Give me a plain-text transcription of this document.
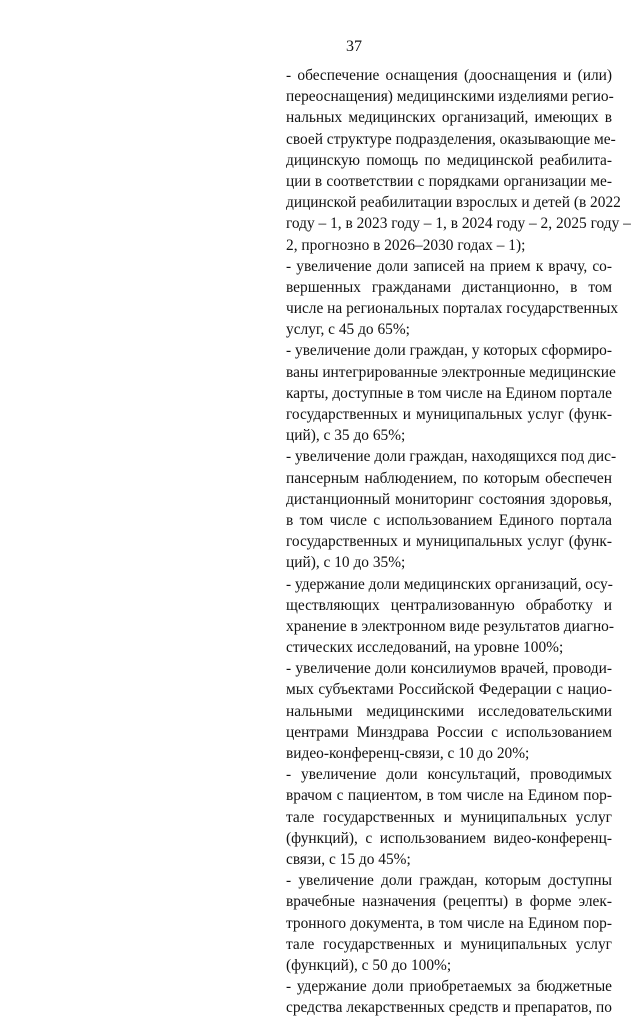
37
- обеспечение оснащения (дооснащения и (или)
переоснащения) медицинскими изделиями регио-
нальных медицинских организаций, имеющих в
своей структуре подразделения, оказывающие ме-
дицинскую помощь по медицинской реабилита-
ции в соответствии с порядками организации ме-
дицинской реабилитации взрослых и детей (в 2022
году – 1, в 2023 году – 1, в 2024 году – 2, 2025 году –
2, прогнозно в 2026–2030 годах – 1);
- увеличение доли записей на прием к врачу, со-
вершенных гражданами дистанционно, в том
числе на региональных порталах государственных
услуг, с 45 до 65%;
- увеличение доли граждан, у которых сформиро-
ваны интегрированные электронные медицинские
карты, доступные в том числе на Едином портале
государственных и муниципальных услуг (функ-
ций), с 35 до 65%;
- увеличение доли граждан, находящихся под дис-
пансерным наблюдением, по которым обеспечен
дистанционный мониторинг состояния здоровья,
в том числе с использованием Единого портала
государственных и муниципальных услуг (функ-
ций), с 10 до 35%;
- удержание доли медицинских организаций, осу-
ществляющих централизованную обработку и
хранение в электронном виде результатов диагно-
стических исследований, на уровне 100%;
- увеличение доли консилиумов врачей, проводи-
мых субъектами Российской Федерации с нацио-
нальными медицинскими исследовательскими
центрами Минздрава России с использованием
видео-конференц-связи, с 10 до 20%;
- увеличение доли консультаций, проводимых
врачом с пациентом, в том числе на Едином пор-
тале государственных и муниципальных услуг
(функций), с использованием видео-конференц-
связи, с 15 до 45%;
- увеличение доли граждан, которым доступны
врачебные назначения (рецепты) в форме элек-
тронного документа, в том числе на Едином пор-
тале государственных и муниципальных услуг
(функций), с 50 до 100%;
- удержание доли приобретаемых за бюджетные
средства лекарственных средств и препаратов, по
